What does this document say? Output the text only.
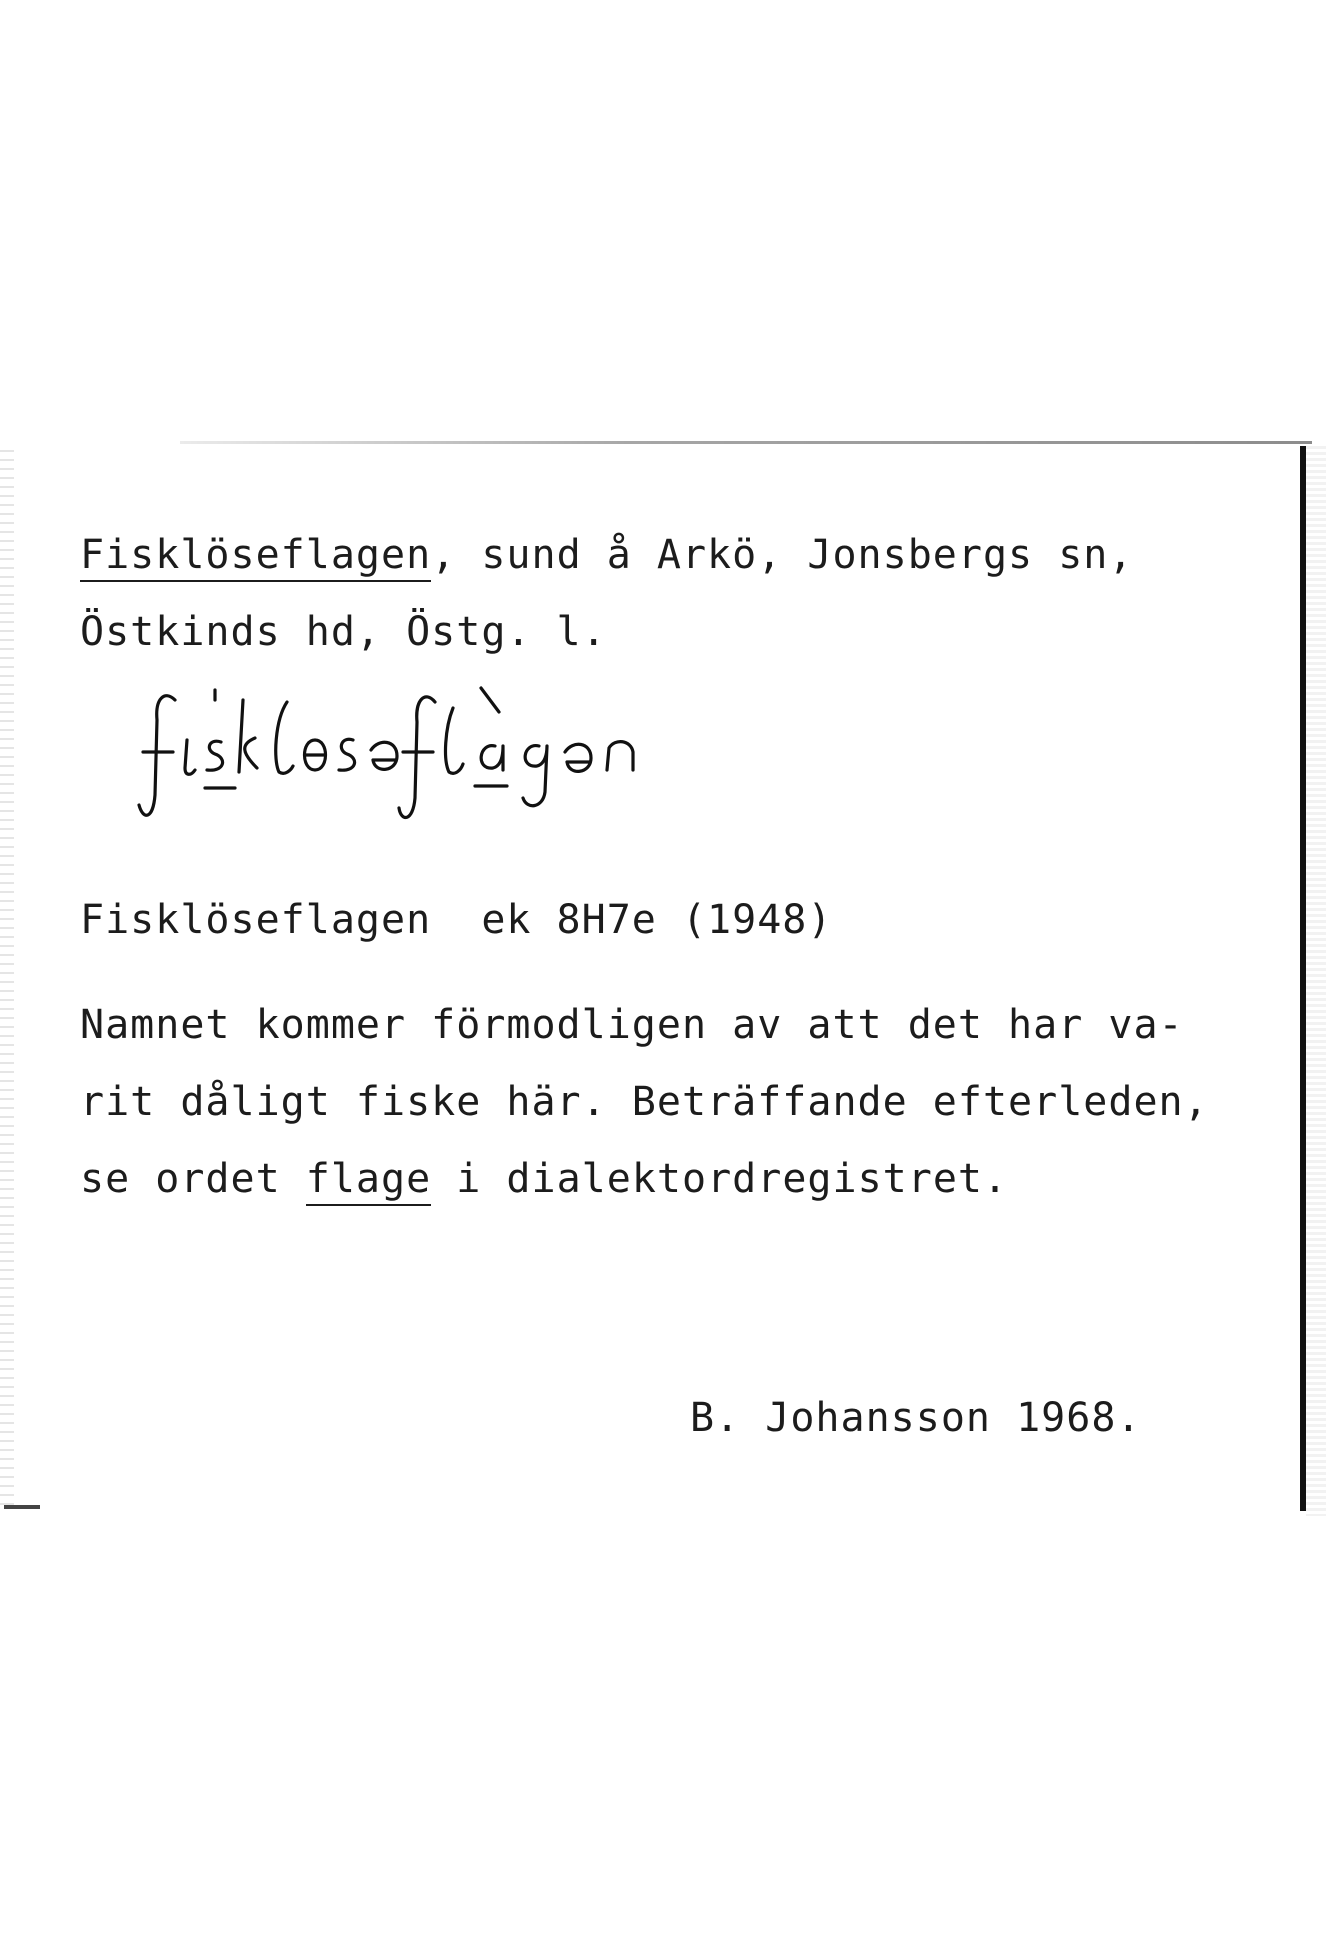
Fisklöseflagen, sund å Arkö, Jonsbergs sn,
Östkinds hd, Östg. l.
Fisklöseflagen  ek 8H7e (1948)
Namnet kommer förmodligen av att det har va-
rit dåligt fiske här. Beträffande efterleden,
se ordet flage i dialektordregistret.
B. Johansson 1968.
